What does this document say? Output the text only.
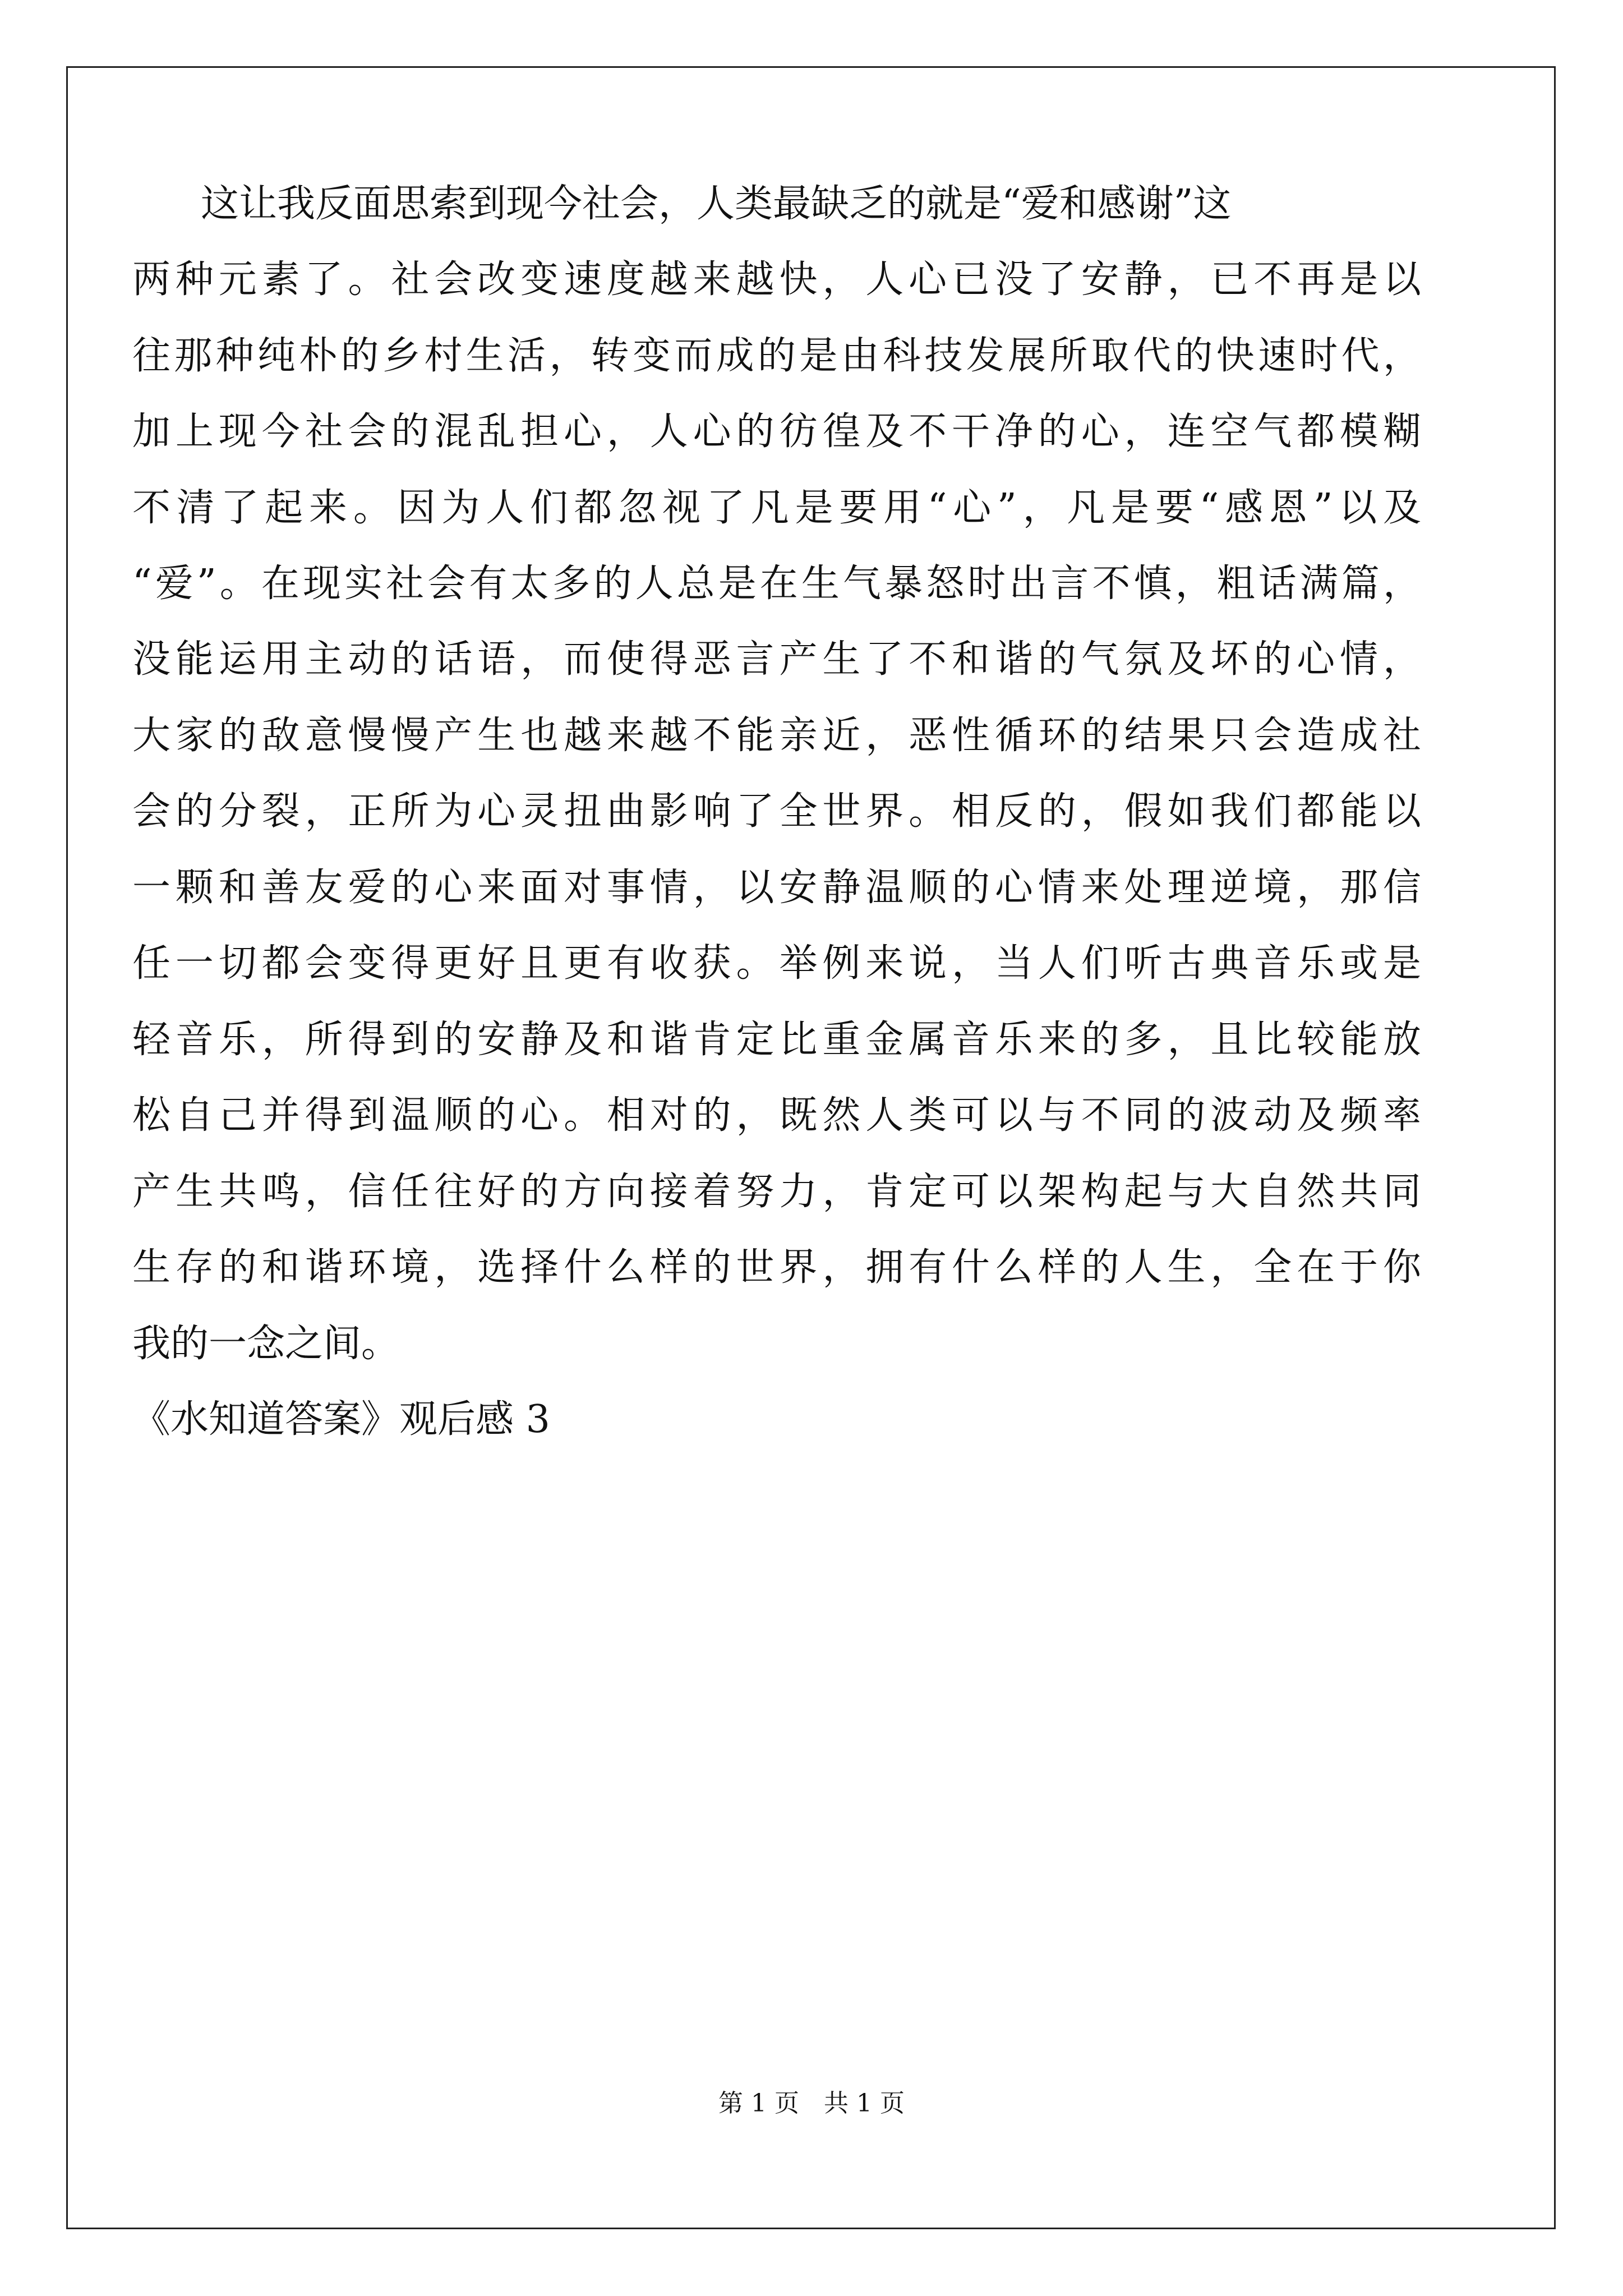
这让我反面思索到现今社会，人类最缺乏的就是“爱和感谢”这
两种元素了。社会改变速度越来越快，人心已没了安静，已不再是以
往那种纯朴的乡村生活，转变而成的是由科技发展所取代的快速时代，
加上现今社会的混乱担心，人心的彷徨及不干净的心，连空气都模糊
不清了起来。因为人们都忽视了凡是要用“心”，凡是要“感恩”以及
“爱”。在现实社会有太多的人总是在生气暴怒时出言不慎，粗话满篇，
没能运用主动的话语，而使得恶言产生了不和谐的气氛及坏的心情，
大家的敌意慢慢产生也越来越不能亲近，恶性循环的结果只会造成社
会的分裂，正所为心灵扭曲影响了全世界。相反的，假如我们都能以
一颗和善友爱的心来面对事情，以安静温顺的心情来处理逆境，那信
任一切都会变得更好且更有收获。举例来说，当人们听古典音乐或是
轻音乐，所得到的安静及和谐肯定比重金属音乐来的多，且比较能放
松自己并得到温顺的心。相对的，既然人类可以与不同的波动及频率
产生共鸣，信任往好的方向接着努力，肯定可以架构起与大自然共同
生存的和谐环境，选择什么样的世界，拥有什么样的人生，全在于你
我的一念之间。
《水知道答案》观后感 3
第 1 页　共 1 页
